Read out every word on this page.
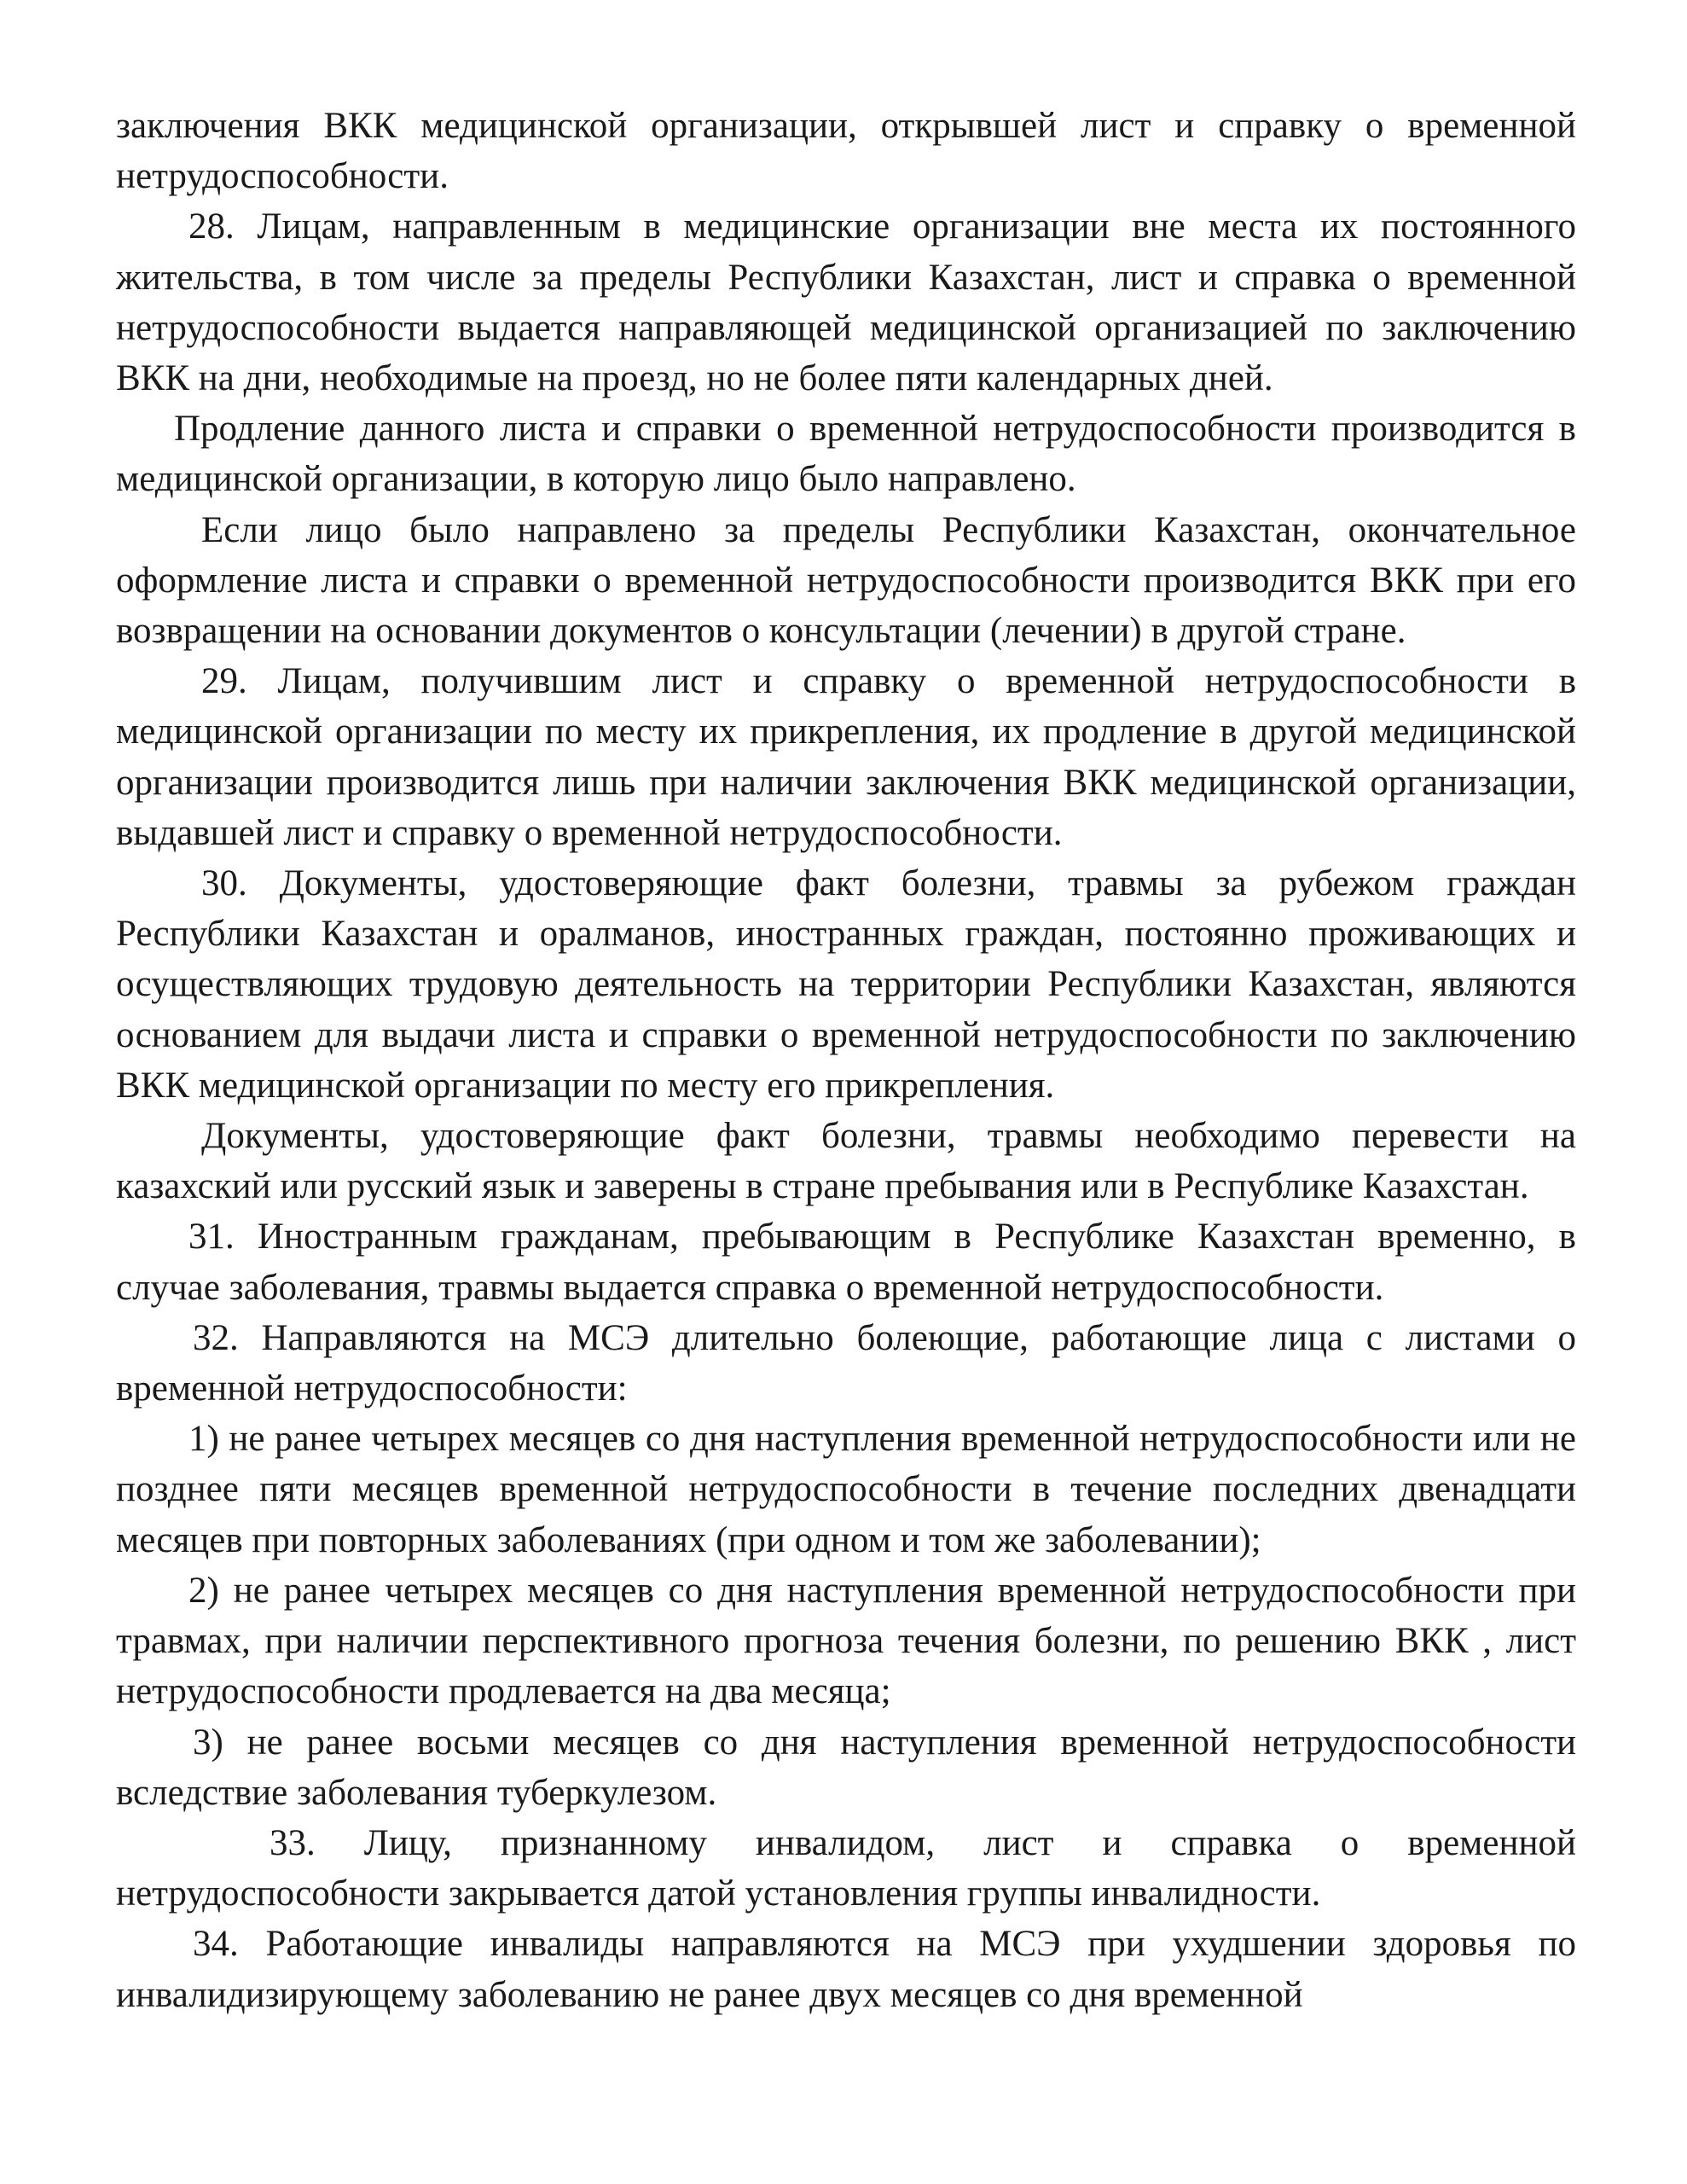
заключения ВКК медицинской организации, открывшей лист и справку о временной нетрудоспособности.

28. Лицам, направленным в медицинские организации вне места их постоянного жительства, в том числе за пределы Республики Казахстан, лист и справка о временной нетрудоспособности выдается направляющей медицинской организацией по заключению ВКК на дни, необходимые на проезд, но не более пяти календарных дней.

Продление данного листа и справки о временной нетрудоспособности производится в медицинской организации, в которую лицо было направлено.

Если лицо было направлено за пределы Республики Казахстан, окончательное оформление листа и справки о временной нетрудоспособности производится ВКК при его возвращении на основании документов о консультации (лечении) в другой стране.

29. Лицам, получившим лист и справку о временной нетрудоспособности в медицинской организации по месту их прикрепления, их продление в другой медицинской организации производится лишь при наличии заключения ВКК медицинской организации, выдавшей лист и справку о временной нетрудоспособности.

30. Документы, удостоверяющие факт болезни, травмы за рубежом граждан Республики Казахстан и оралманов, иностранных граждан, постоянно проживающих и осуществляющих трудовую деятельность на территории Республики Казахстан, являются основанием для выдачи листа и справки о временной нетрудоспособности по заключению ВКК медицинской организации по месту его прикрепления.

Документы, удостоверяющие факт болезни, травмы необходимо перевести на казахский или русский язык и заверены в стране пребывания или в Республике Казахстан.

31. Иностранным гражданам, пребывающим в Республике Казахстан временно, в случае заболевания, травмы выдается справка о временной нетрудоспособности.

32. Направляются на МСЭ длительно болеющие, работающие лица с листами о временной нетрудоспособности:

1) не ранее четырех месяцев со дня наступления временной нетрудоспособности или не позднее пяти месяцев временной нетрудоспособности в течение последних двенадцати месяцев при повторных заболеваниях (при одном и том же заболевании);

2) не ранее четырех месяцев со дня наступления временной нетрудоспособности при травмах, при наличии перспективного прогноза течения болезни, по решению ВКК , лист нетрудоспособности продлевается на два месяца;

3) не ранее восьми месяцев со дня наступления временной нетрудоспособности вследствие заболевания туберкулезом.

33. Лицу, признанному инвалидом, лист и справка о временной нетрудоспособности закрывается датой установления группы инвалидности.

34. Работающие инвалиды направляются на МСЭ при ухудшении здоровья по инвалидизирующему заболеванию не ранее двух месяцев со дня временной
